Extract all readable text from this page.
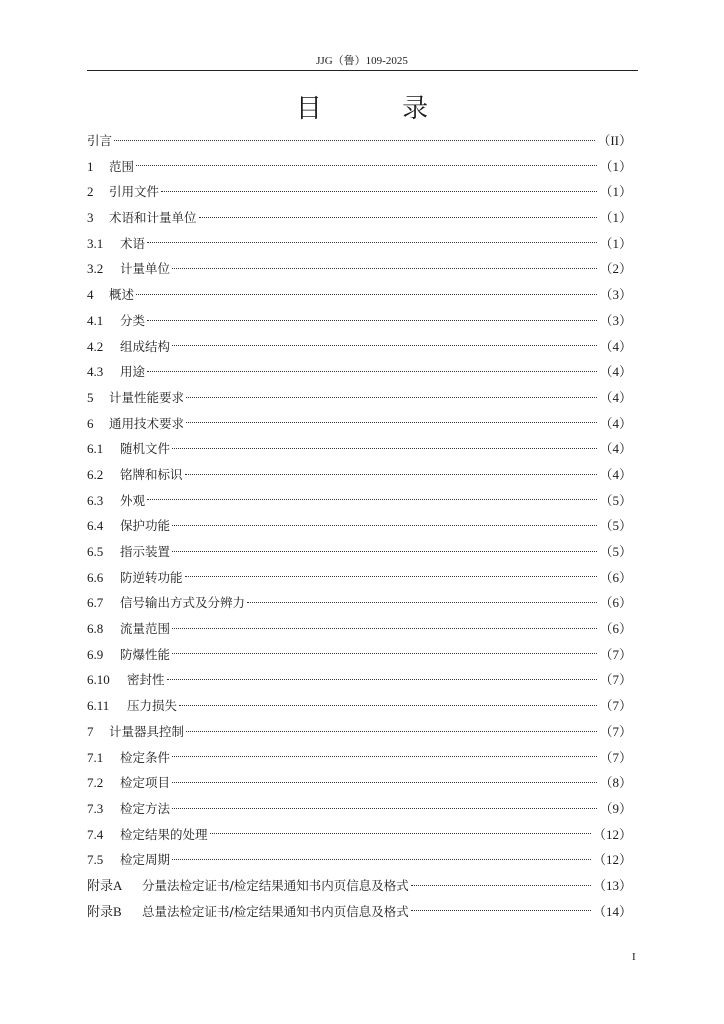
JJG（鲁）109-2025
目 录
引言	（II）
1	范围	（1）
2	引用文件	（1）
3	术语和计量单位	（1）
3.1	术语	（1）
3.2	计量单位	（2）
4	概述	（3）
4.1	分类	（3）
4.2	组成结构	（4）
4.3	用途	（4）
5	计量性能要求	（4）
6	通用技术要求	（4）
6.1	随机文件	（4）
6.2	铭牌和标识	（4）
6.3	外观	（5）
6.4	保护功能	（5）
6.5	指示装置	（5）
6.6	防逆转功能	（6）
6.7	信号输出方式及分辨力	（6）
6.8	流量范围	（6）
6.9	防爆性能	（7）
6.10	密封性	（7）
6.11	压力损失	（7）
7	计量器具控制	（7）
7.1	检定条件	（7）
7.2	检定项目	（8）
7.3	检定方法	（9）
7.4	检定结果的处理	（12）
7.5	检定周期	（12）
附录A	分量法检定证书/检定结果通知书内页信息及格式	（13）
附录B	总量法检定证书/检定结果通知书内页信息及格式	（14）
I
